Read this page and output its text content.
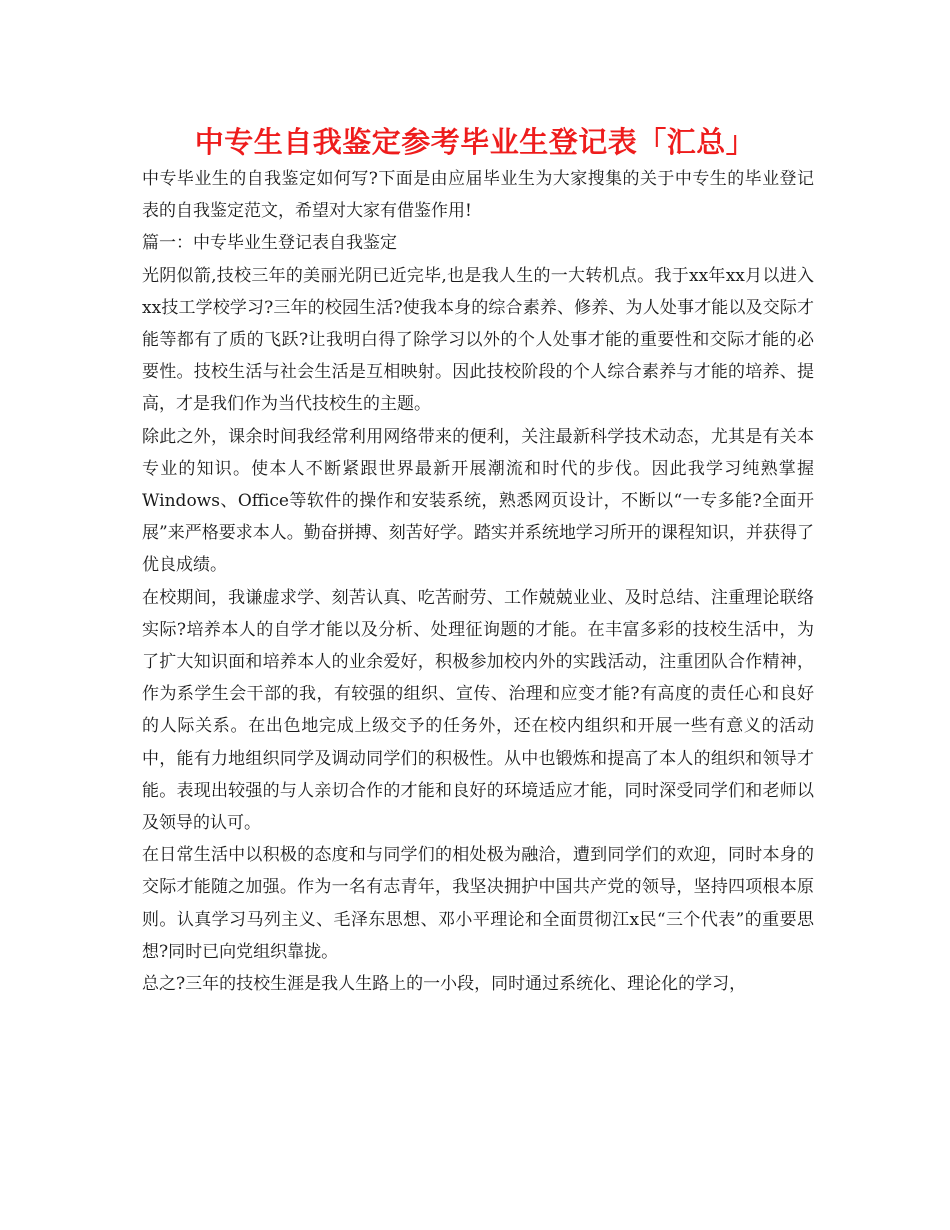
中专生自我鉴定参考毕业生登记表「汇总」

中专毕业生的自我鉴定如何写?下面是由应届毕业生为大家搜集的关于中专生的毕业登记表的自我鉴定范文，希望对大家有借鉴作用!

篇一：中专毕业生登记表自我鉴定

光阴似箭,技校三年的美丽光阴已近完毕,也是我人生的一大转机点。我于xx年xx月以进入xx技工学校学习?三年的校园生活?使我本身的综合素养、修养、为人处事才能以及交际才能等都有了质的飞跃?让我明白得了除学习以外的个人处事才能的重要性和交际才能的必要性。技校生活与社会生活是互相映射。因此技校阶段的个人综合素养与才能的培养、提高，才是我们作为当代技校生的主题。

除此之外，课余时间我经常利用网络带来的便利，关注最新科学技术动态，尤其是有关本专业的知识。使本人不断紧跟世界最新开展潮流和时代的步伐。因此我学习纯熟掌握Windows、Office等软件的操作和安装系统，熟悉网页设计，不断以“一专多能?全面开展”来严格要求本人。勤奋拼搏、刻苦好学。踏实并系统地学习所开的课程知识，并获得了优良成绩。

在校期间，我谦虚求学、刻苦认真、吃苦耐劳、工作兢兢业业、及时总结、注重理论联络实际?培养本人的自学才能以及分析、处理征询题的才能。在丰富多彩的技校生活中，为了扩大知识面和培养本人的业余爱好，积极参加校内外的实践活动，注重团队合作精神，作为系学生会干部的我，有较强的组织、宣传、治理和应变才能?有高度的责任心和良好的人际关系。在出色地完成上级交予的任务外，还在校内组织和开展一些有意义的活动中，能有力地组织同学及调动同学们的积极性。从中也锻炼和提高了本人的组织和领导才能。表现出较强的与人亲切合作的才能和良好的环境适应才能，同时深受同学们和老师以及领导的认可。

在日常生活中以积极的态度和与同学们的相处极为融洽，遭到同学们的欢迎，同时本身的交际才能随之加强。作为一名有志青年，我坚决拥护中国共产党的领导，坚持四项根本原则。认真学习马列主义、毛泽东思想、邓小平理论和全面贯彻江x民“三个代表”的重要思想?同时已向党组织靠拢。

总之?三年的技校生涯是我人生路上的一小段，同时通过系统化、理论化的学习，
